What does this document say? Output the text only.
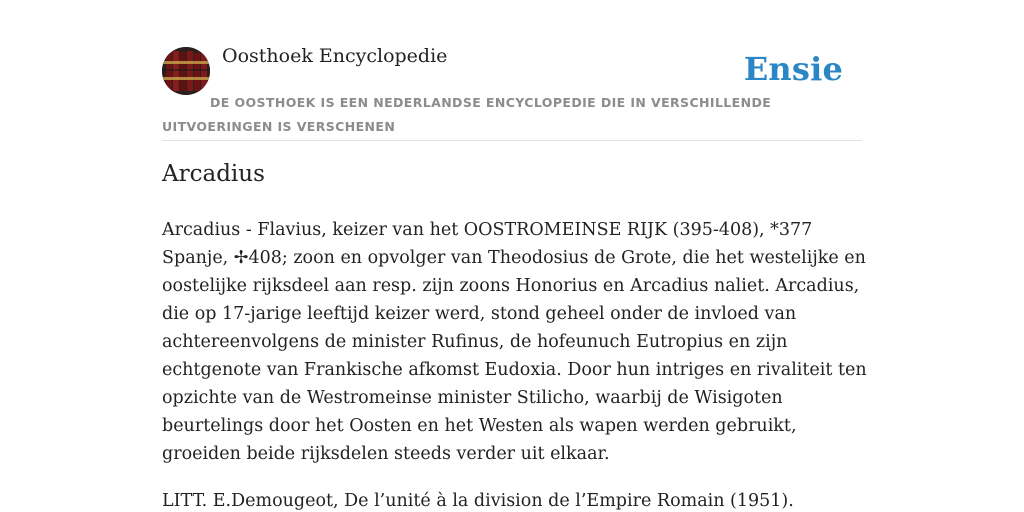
Oosthoek Encyclopedie	Ensie
DE OOSTHOEK IS EEN NEDERLANDSE ENCYCLOPEDIE DIE IN VERSCHILLENDE UITVOERINGEN IS VERSCHENEN
Arcadius

Arcadius - Flavius, keizer van het OOSTROMEINSE RIJK (395-408), *377 Spanje, ✢408; zoon en opvolger van Theodosius de Grote, die het westelijke en oostelijke rijksdeel aan resp. zijn zoons Honorius en Arcadius naliet. Arcadius, die op 17-jarige leeftijd keizer werd, stond geheel onder de invloed van achtereenvolgens de minister Rufinus, de hofeunuch Eutropius en zijn echtgenote van Frankische afkomst Eudoxia. Door hun intriges en rivaliteit ten opzichte van de Westromeinse minister Stilicho, waarbij de Wisigoten beurtelings door het Oosten en het Westen als wapen werden gebruikt, groeiden beide rijksdelen steeds verder uit elkaar.

LITT. E.Demougeot, De l’unité à la division de l’Empire Romain (1951).
